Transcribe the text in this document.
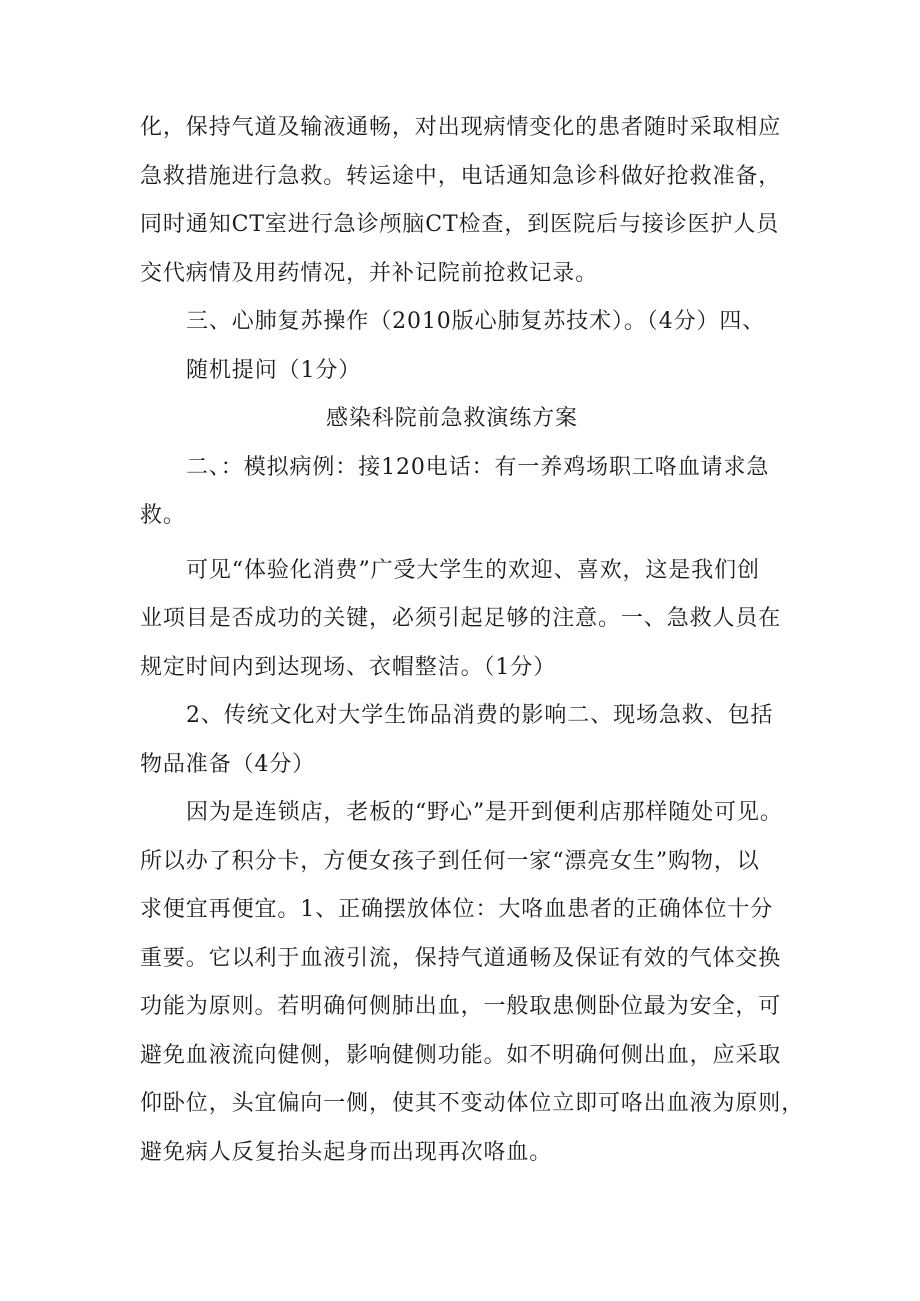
化，保持气道及输液通畅，对出现病情变化的患者随时采取相应
急救措施进行急救。转运途中，电话通知急诊科做好抢救准备，
同时通知CT室进行急诊颅脑CT检查，到医院后与接诊医护人员
交代病情及用药情况，并补记院前抢救记录。
三、心肺复苏操作（2010版心肺复苏技术）。（4分）四、
随机提问（1分）
感染科院前急救演练方案
二、：模拟病例：接120电话：有一养鸡场职工咯血请求急
救。
可见“体验化消费”广受大学生的欢迎、喜欢，这是我们创
业项目是否成功的关键，必须引起足够的注意。一、急救人员在
规定时间内到达现场、衣帽整洁。（1分）
2、传统文化对大学生饰品消费的影响二、现场急救、包括
物品准备（4分）
因为是连锁店，老板的“野心”是开到便利店那样随处可见。
所以办了积分卡，方便女孩子到任何一家“漂亮女生”购物，以
求便宜再便宜。1、正确摆放体位：大咯血患者的正确体位十分
重要。它以利于血液引流，保持气道通畅及保证有效的气体交换
功能为原则。若明确何侧肺出血，一般取患侧卧位最为安全，可
避免血液流向健侧，影响健侧功能。如不明确何侧出血，应采取
仰卧位，头宜偏向一侧，使其不变动体位立即可咯出血液为原则，
避免病人反复抬头起身而出现再次咯血。
